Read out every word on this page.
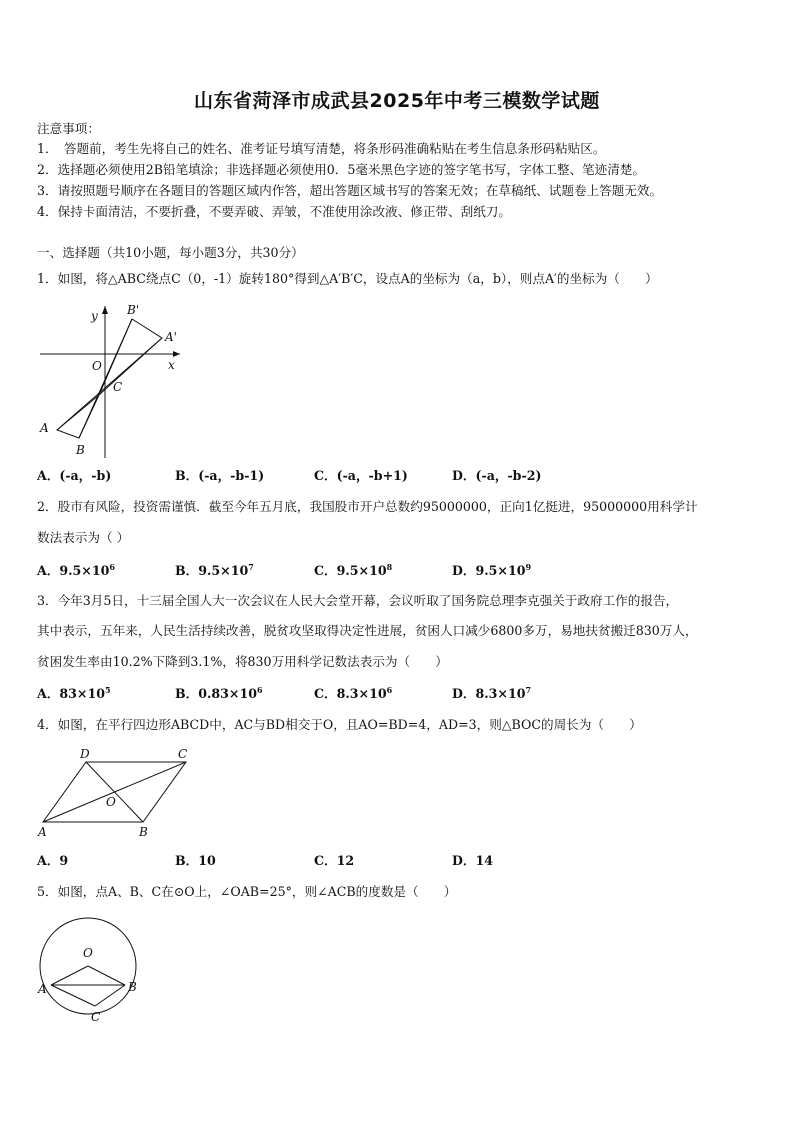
山东省菏泽市成武县2025年中考三模数学试题
注意事项：
1．　答题前，考生先将自己的姓名、准考证号填写清楚，将条形码准确粘贴在考生信息条形码粘贴区。
2．选择题必须使用2B铅笔填涂；非选择题必须使用0．5毫米黑色字迹的签字笔书写，字体工整、笔迹清楚。
3．请按照题号顺序在各题目的答题区域内作答，超出答题区域书写的答案无效；在草稿纸、试题卷上答题无效。
4．保持卡面清洁，不要折叠，不要弄破、弄皱，不准使用涂改液、修正带、刮纸刀。
一、选择题（共10小题，每小题3分，共30分）
1．如图，将△ABC绕点C（0，-1）旋转180°得到△A′B′C，设点A的坐标为（a，b），则点A′的坐标为（　　）
y
x
O
C
A
B
A'
B'
A．(-a，-b)	B．(-a，-b-1)	C．(-a，-b+1)	D．(-a，-b-2)
2．股市有风险，投资需谨慎．截至今年五月底，我国股市开户总数约95000000，正向1亿挺进，95000000用科学计
数法表示为（ ）
A．$9.5\times 10^6$	B．$9.5\times 10^7$	C．$9.5\times 10^8$	D．$9.5\times 10^9$
3．今年3月5日，十三届全国人大一次会议在人民大会堂开幕，会议听取了国务院总理李克强关于政府工作的报告，
其中表示，五年来，人民生活持续改善，脱贫攻坚取得决定性进展，贫困人口减少6800多万，易地扶贫搬迁830万人，
贫困发生率由10.2%下降到3.1%，将830万用科学记数法表示为（　　）
A．$83\times 10^5$	B．$0.83\times 10^6$	C．$8.3\times 10^6$	D．$8.3\times 10^7$
4．如图，在平行四边形ABCD中，AC与BD相交于O，且AO=BD=4，AD=3，则△BOC的周长为（　　）
A	B
C
D
O
A．9	B．10	C．12	D．14
5．如图，点A、B、C在⊙O上，∠OAB=25°，则∠ACB的度数是（　　）
O
A	B
C
